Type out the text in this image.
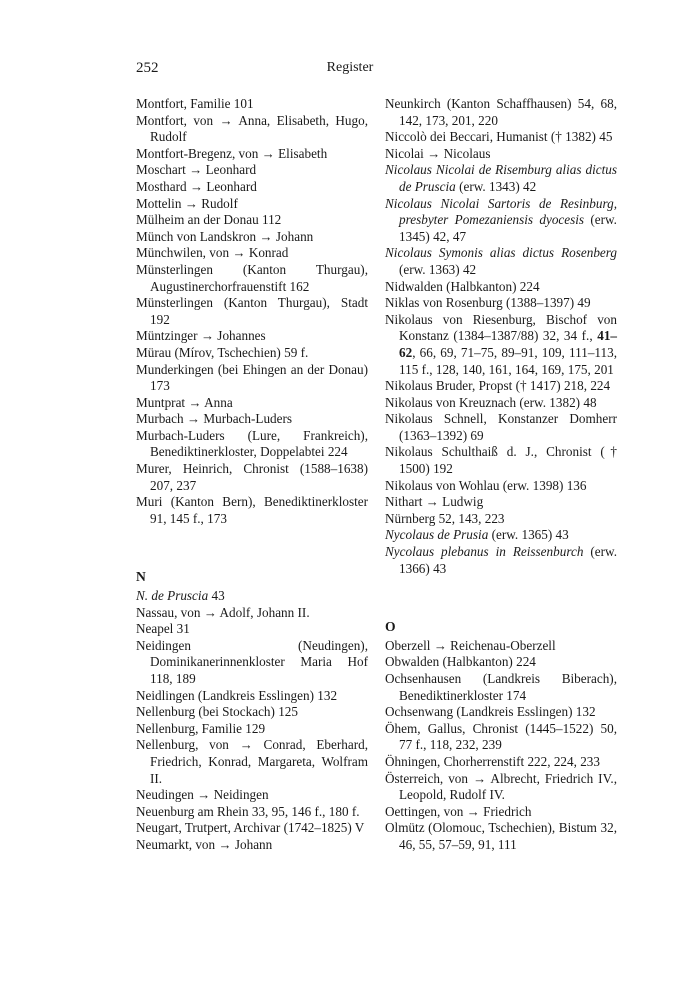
252	Register
Montfort, Familie 101
Montfort, von → Anna, Elisabeth, Hugo, Rudolf
Montfort-Bregenz, von → Elisabeth
Moschart → Leonhard
Mosthard → Leonhard
Mottelin → Rudolf
Mülheim an der Donau 112
Münch von Landskron → Johann
Münchwilen, von → Konrad
Münsterlingen (Kanton Thurgau), Augustinerchorfrauenstift 162
Münsterlingen (Kanton Thurgau), Stadt 192
Müntzinger → Johannes
Mürau (Mírov, Tschechien) 59 f.
Munderkingen (bei Ehingen an der Donau) 173
Muntprat → Anna
Murbach → Murbach-Luders
Murbach-Luders (Lure, Frankreich), Benediktinerkloster, Doppelabtei 224
Murer, Heinrich, Chronist (1588–1638) 207, 237
Muri (Kanton Bern), Benediktinerkloster 91, 145 f., 173
N
N. de Pruscia 43
Nassau, von → Adolf, Johann II.
Neapel 31
Neidingen (Neudingen), Dominikanerinnenkloster Maria Hof 118, 189
Neidlingen (Landkreis Esslingen) 132
Nellenburg (bei Stockach) 125
Nellenburg, Familie 129
Nellenburg, von → Conrad, Eberhard, Friedrich, Konrad, Margareta, Wolfram II.
Neudingen → Neidingen
Neuenburg am Rhein 33, 95, 146 f., 180 f.
Neugart, Trutpert, Archivar (1742–1825) V
Neumarkt, von → Johann
Neunkirch (Kanton Schaffhausen) 54, 68, 142, 173, 201, 220
Niccolò dei Beccari, Humanist († 1382) 45
Nicolai → Nicolaus
Nicolaus Nicolai de Risemburg alias dictus de Pruscia (erw. 1343) 42
Nicolaus Nicolai Sartoris de Resinburg, presbyter Pomezaniensis dyocesis (erw. 1345) 42, 47
Nicolaus Symonis alias dictus Rosenberg (erw. 1363) 42
Nidwalden (Halbkanton) 224
Niklas von Rosenburg (1388–1397) 49
Nikolaus von Riesenburg, Bischof von Konstanz (1384–1387/88) 32, 34 f., 41–62, 66, 69, 71–75, 89–91, 109, 111–113, 115 f., 128, 140, 161, 164, 169, 175, 201
Nikolaus Bruder, Propst († 1417) 218, 224
Nikolaus von Kreuznach (erw. 1382) 48
Nikolaus Schnell, Konstanzer Domherr (1363–1392) 69
Nikolaus Schulthaiß d. J., Chronist († 1500) 192
Nikolaus von Wohlau (erw. 1398) 136
Nithart → Ludwig
Nürnberg 52, 143, 223
Nycolaus de Prusia (erw. 1365) 43
Nycolaus plebanus in Reissenburch (erw. 1366) 43
O
Oberzell → Reichenau-Oberzell
Obwalden (Halbkanton) 224
Ochsenhausen (Landkreis Biberach), Benediktinerkloster 174
Ochsenwang (Landkreis Esslingen) 132
Öhem, Gallus, Chronist (1445–1522) 50, 77 f., 118, 232, 239
Öhningen, Chorherrenstift 222, 224, 233
Österreich, von → Albrecht, Friedrich IV., Leopold, Rudolf IV.
Oettingen, von → Friedrich
Olmütz (Olomouc, Tschechien), Bistum 32, 46, 55, 57–59, 91, 111
